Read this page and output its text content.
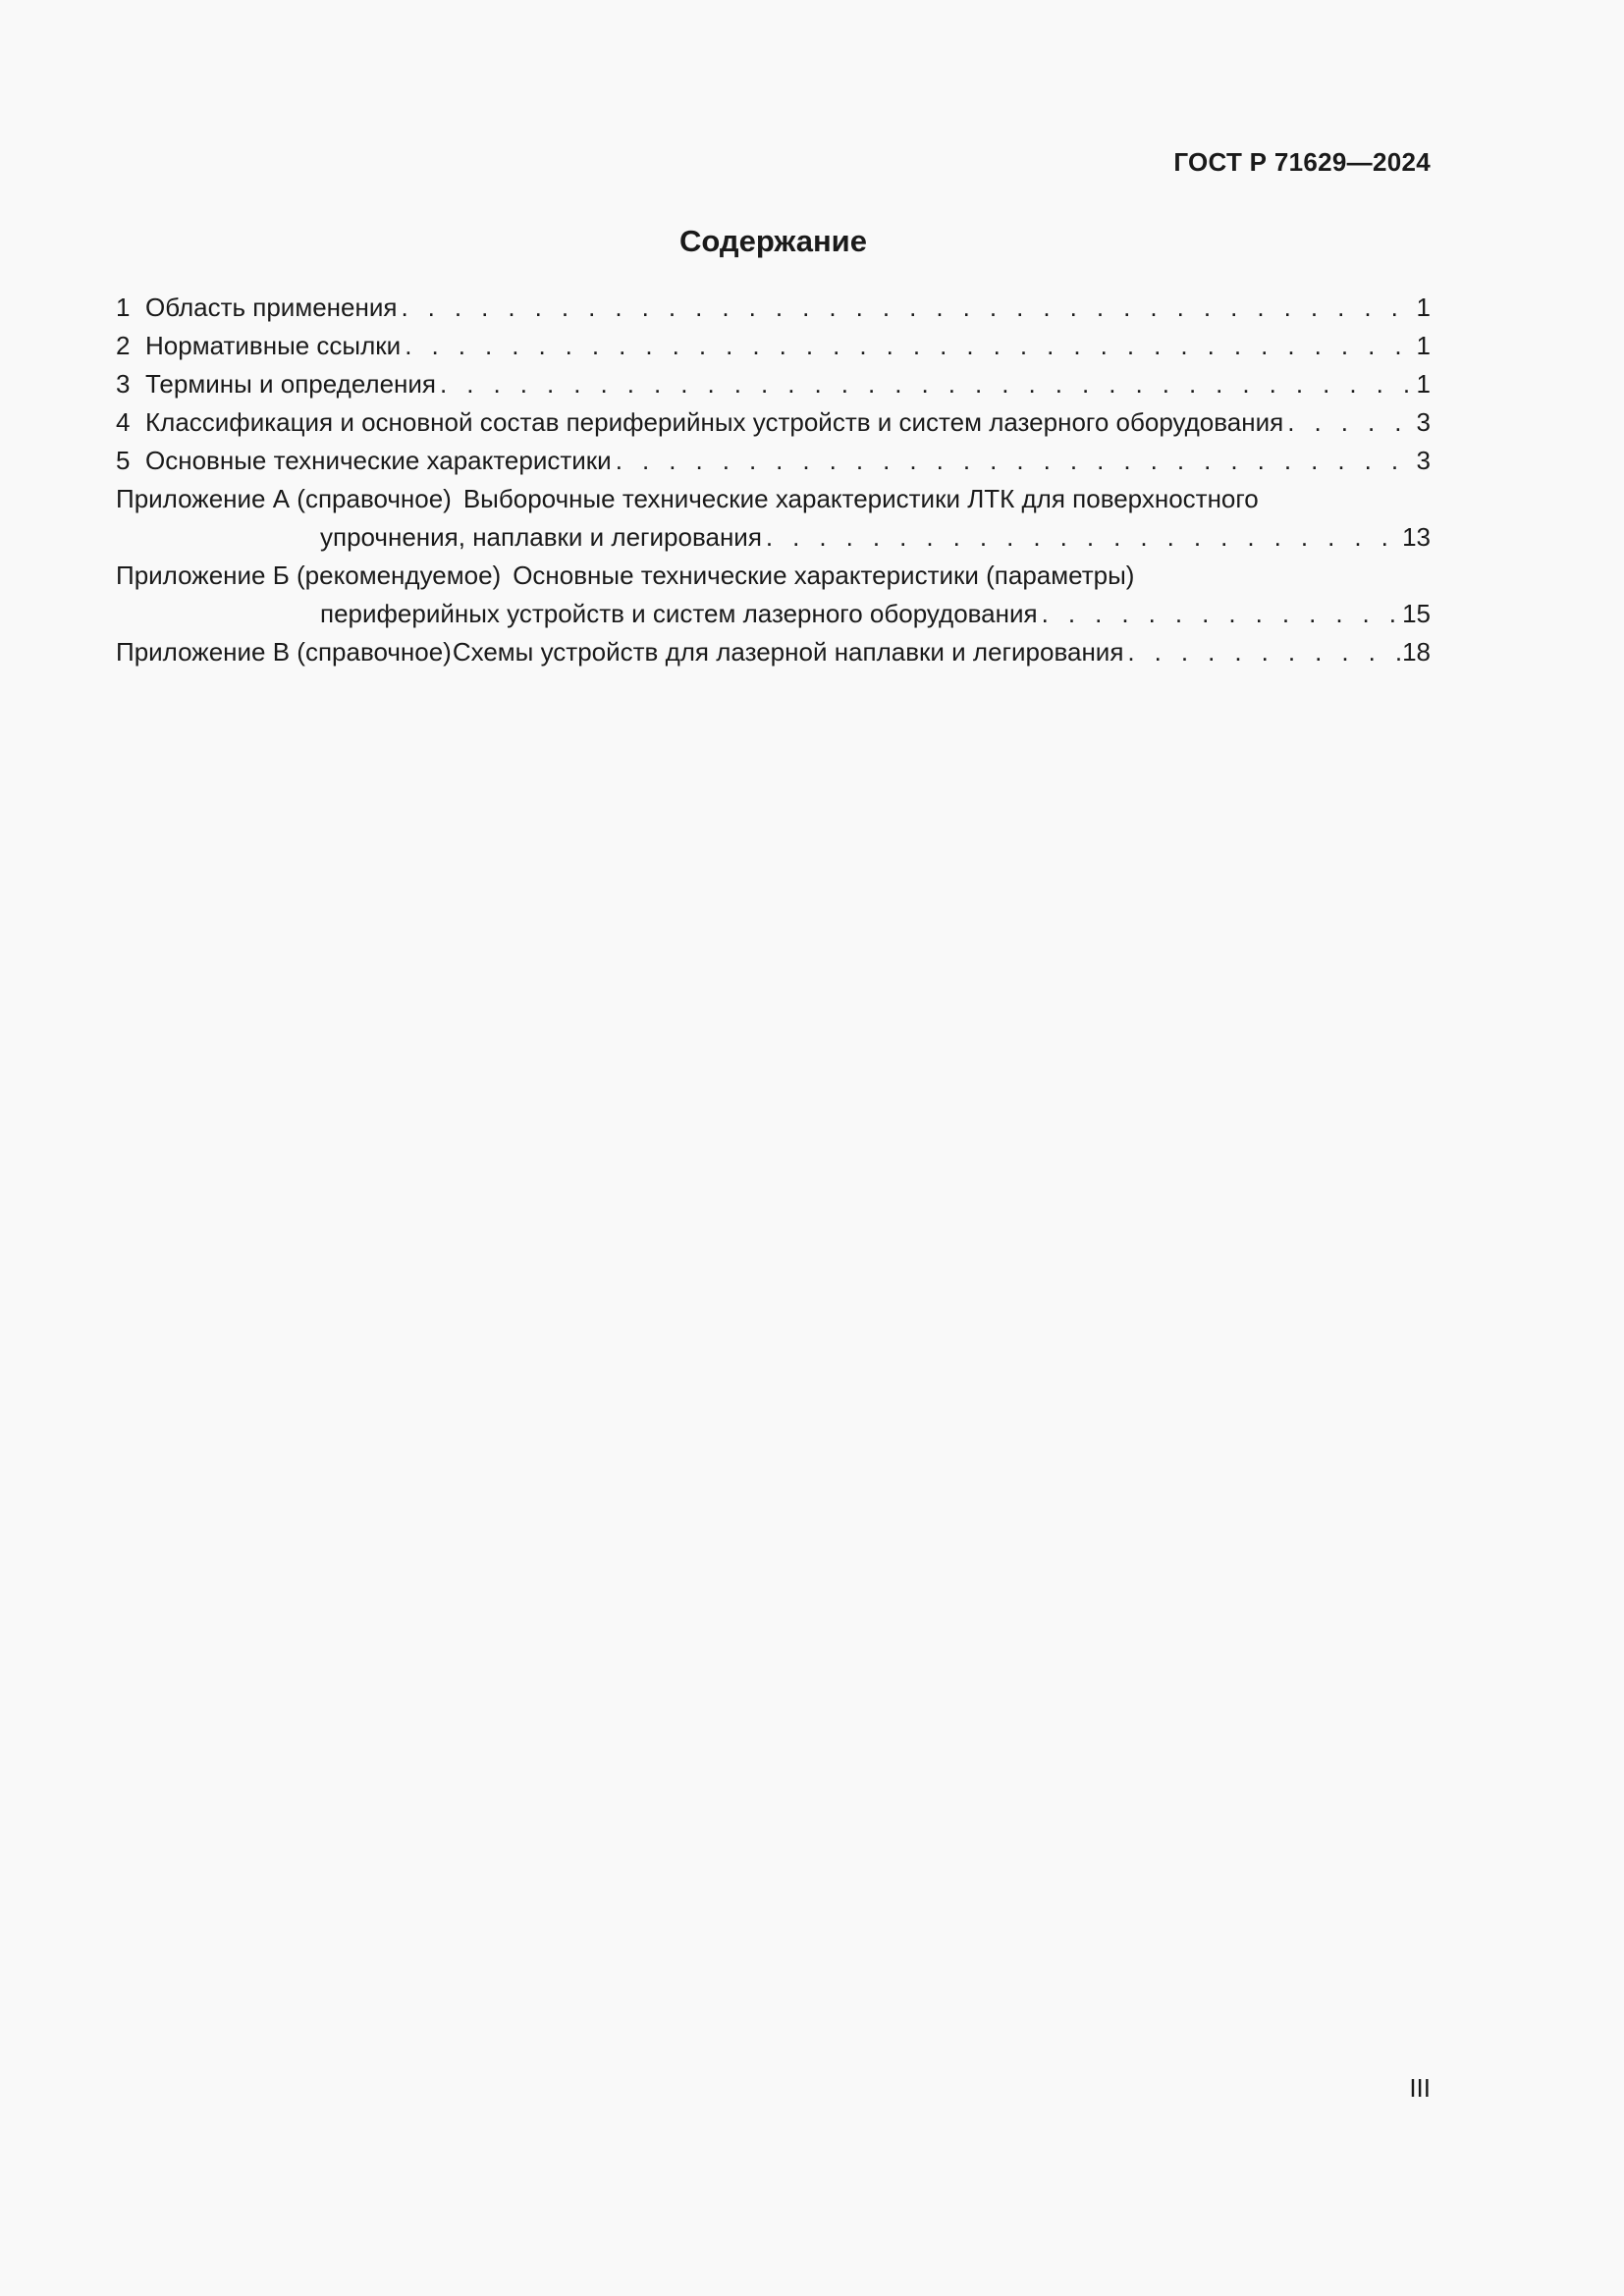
ГОСТ Р 71629—2024
Содержание
1 Область применения . . .	1
2 Нормативные ссылки . . .	1
3 Термины и определения . . .	1
4 Классификация и основной состав периферийных устройств и систем лазерного оборудования . . .	3
5 Основные технические характеристики . . .	3
Приложение А (справочное) Выборочные технические характеристики ЛТК для поверхностного
упрочнения, наплавки и легирования . . .	13
Приложение Б (рекомендуемое) Основные технические характеристики (параметры)
периферийных устройств и систем лазерного оборудования . . .	15
Приложение В (справочное) Схемы устройств для лазерной наплавки и легирования . . .	18
III
